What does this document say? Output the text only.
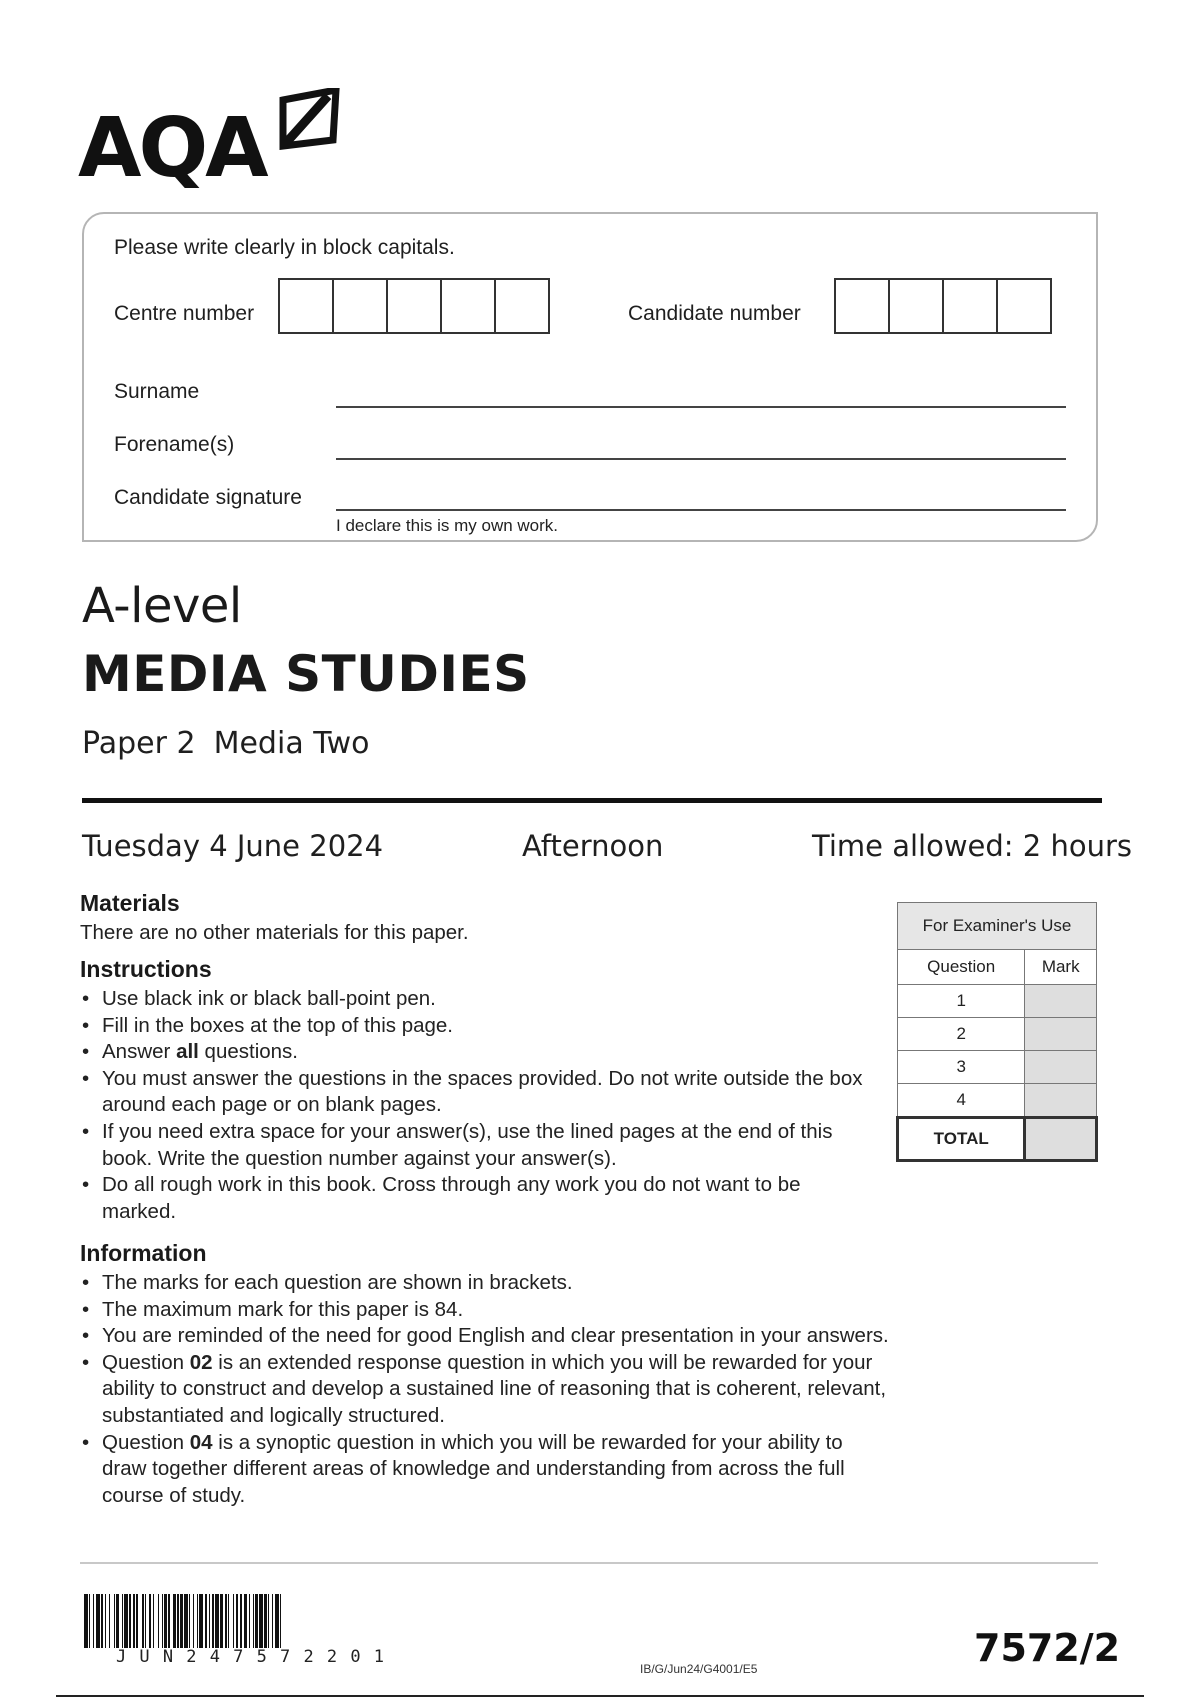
AQA
Please write clearly in block capitals.
Centre number	Candidate number
Surname
Forename(s)
Candidate signature
I declare this is my own work.
A-level
MEDIA STUDIES
Paper 2 Media Two
Tuesday 4 June 2024	Afternoon	Time allowed: 2 hours
Materials
There are no other materials for this paper.
Instructions
• Use black ink or black ball-point pen.
• Fill in the boxes at the top of this page.
• Answer all questions.
• You must answer the questions in the spaces provided. Do not write outside the box around each page or on blank pages.
• If you need extra space for your answer(s), use the lined pages at the end of this book. Write the question number against your answer(s).
• Do all rough work in this book. Cross through any work you do not want to be marked.
Information
• The marks for each question are shown in brackets.
• The maximum mark for this paper is 84.
• You are reminded of the need for good English and clear presentation in your answers.
• Question 02 is an extended response question in which you will be rewarded for your ability to construct and develop a sustained line of reasoning that is coherent, relevant, substantiated and logically structured.
• Question 04 is a synoptic question in which you will be rewarded for your ability to draw together different areas of knowledge and understanding from across the full course of study.
For Examiner's Use	
Question	Mark
1	
2	
3	
4	
TOTAL	
JUN247572201
IB/G/Jun24/G4001/E5	7572/2
